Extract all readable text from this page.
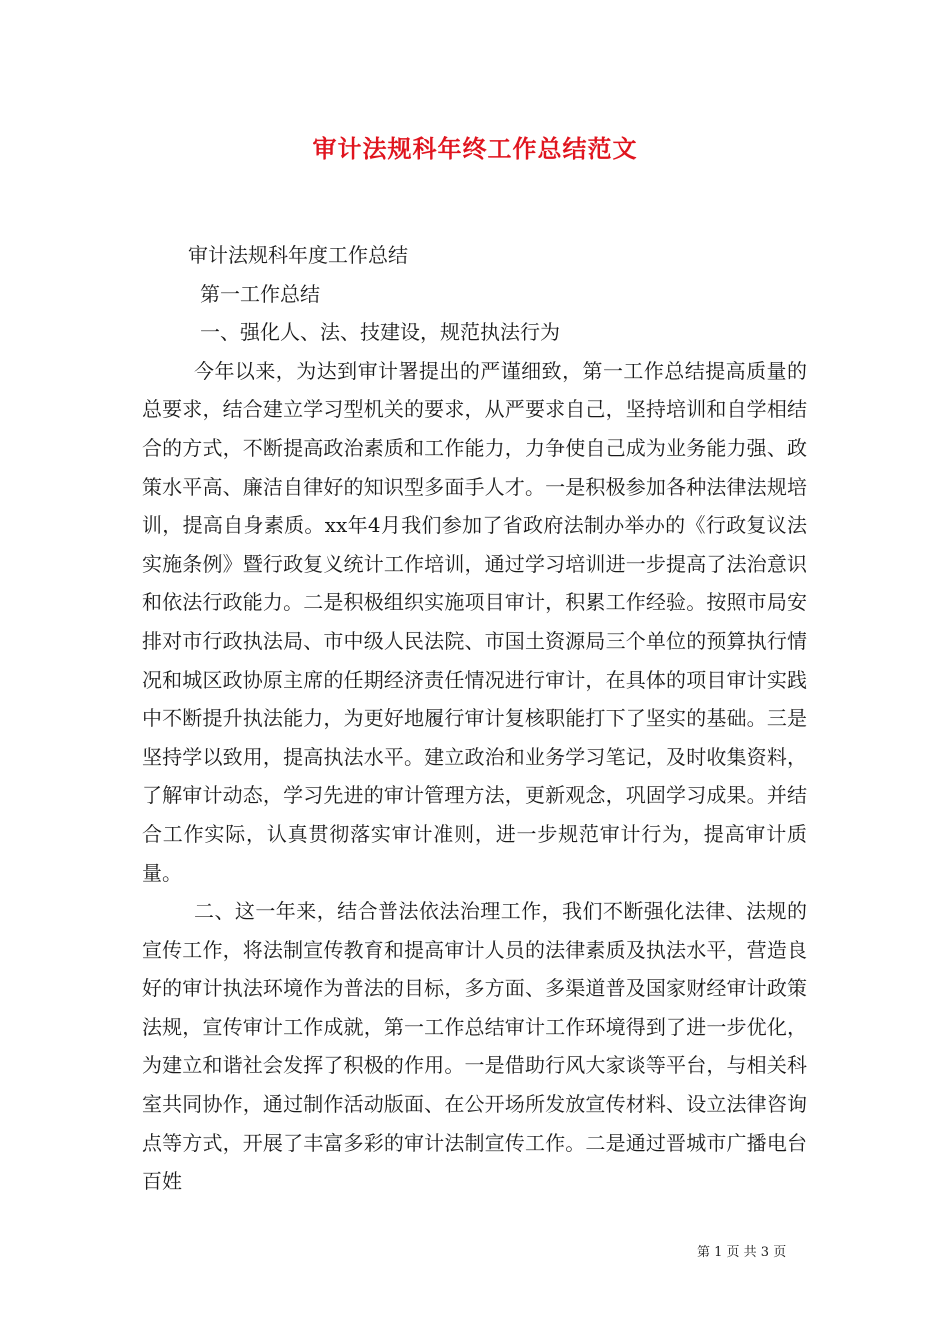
审计法规科年终工作总结范文

审计法规科年度工作总结

第一工作总结

一、强化人、法、技建设，规范执法行为

今年以来，为达到审计署提出的严谨细致，第一工作总结提高质量的总要求，结合建立学习型机关的要求，从严要求自己，坚持培训和自学相结合的方式，不断提高政治素质和工作能力，力争使自己成为业务能力强、政策水平高、廉洁自律好的知识型多面手人才。一是积极参加各种法律法规培训，提高自身素质。xx年4月我们参加了省政府法制办举办的《行政复议法实施条例》暨行政复义统计工作培训，通过学习培训进一步提高了法治意识和依法行政能力。二是积极组织实施项目审计，积累工作经验。按照市局安排对市行政执法局、市中级人民法院、市国土资源局三个单位的预算执行情况和城区政协原主席的任期经济责任情况进行审计，在具体的项目审计实践中不断提升执法能力，为更好地履行审计复核职能打下了坚实的基础。三是坚持学以致用，提高执法水平。建立政治和业务学习笔记，及时收集资料，了解审计动态，学习先进的审计管理方法，更新观念，巩固学习成果。并结合工作实际，认真贯彻落实审计准则，进一步规范审计行为，提高审计质量。

二、这一年来，结合普法依法治理工作，我们不断强化法律、法规的宣传工作，将法制宣传教育和提高审计人员的法律素质及执法水平，营造良好的审计执法环境作为普法的目标，多方面、多渠道普及国家财经审计政策法规，宣传审计工作成就，第一工作总结审计工作环境得到了进一步优化，为建立和谐社会发挥了积极的作用。一是借助行风大家谈等平台，与相关科室共同协作，通过制作活动版面、在公开场所发放宣传材料、设立法律咨询点等方式，开展了丰富多彩的审计法制宣传工作。二是通过晋城市广播电台百姓

第 1 页 共 3 页
